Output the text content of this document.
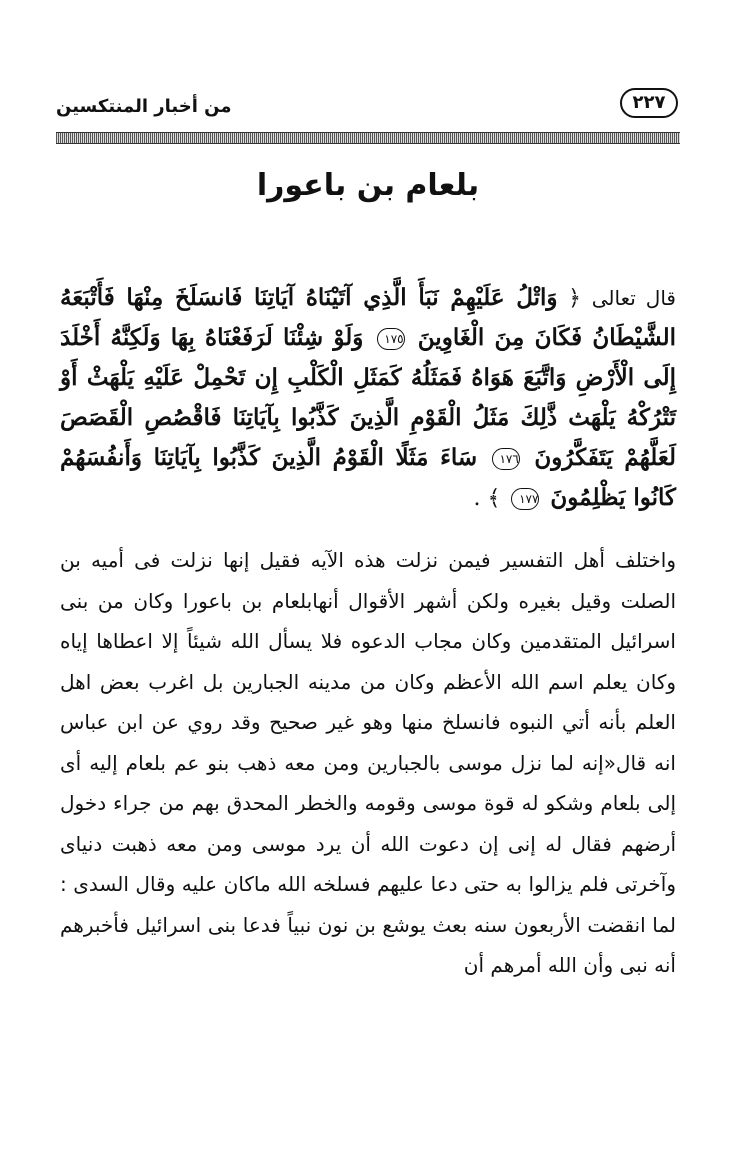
من أخبار المنتكسين	٢٢٧
بلعام بن باعورا
قال تعالى ﴿ وَاتْلُ عَلَيْهِمْ نَبَأَ الَّذِي آتَيْنَاهُ آيَاتِنَا فَانسَلَخَ مِنْهَا فَأَتْبَعَهُ الشَّيْطَانُ فَكَانَ مِنَ الْغَاوِينَ ١٧٥ وَلَوْ شِئْنَا لَرَفَعْنَاهُ بِهَا وَلَكِنَّهُ أَخْلَدَ إِلَى الْأَرْضِ وَاتَّبَعَ هَوَاهُ فَمَثَلُهُ كَمَثَلِ الْكَلْبِ إِن تَحْمِلْ عَلَيْهِ يَلْهَثْ أَوْ تَتْرُكْهُ يَلْهَث ذَّلِكَ مَثَلُ الْقَوْمِ الَّذِينَ كَذَّبُوا بِآيَاتِنَا فَاقْصُصِ الْقَصَصَ لَعَلَّهُمْ يَتَفَكَّرُونَ ١٧٦ سَاءَ مَثَلًا الْقَوْمُ الَّذِينَ كَذَّبُوا بِآيَاتِنَا وَأَنفُسَهُمْ كَانُوا يَظْلِمُونَ ١٧٧ ﴾ .
واختلف أهل التفسير فيمن نزلت هذه الآيه فقيل إنها نزلت فى أميه بن الصلت وقيل بغيره ولكن أشهر الأقوال أنهابلعام بن باعورا وكان من بنى اسرائيل المتقدمين وكان مجاب الدعوه فلا يسأل الله شيئاً إلا اعطاها إياه وكان يعلم اسم الله الأعظم وكان من مدينه الجبارين بل اغرب بعض اهل العلم بأنه أتي النبوه فانسلخ منها وهو غير صحيح وقد روي عن ابن عباس انه قال«إنه لما نزل موسى بالجبارين ومن معه ذهب بنو عم بلعام إليه أى إلى بلعام وشكو له قوة موسى وقومه والخطر المحدق بهم من جراء دخول أرضهم فقال له إنى إن دعوت الله أن يرد موسى ومن معه ذهبت دنياى وآخرتى فلم يزالوا به حتى دعا عليهم فسلخه الله ماكان عليه وقال السدى : لما انقضت الأربعون سنه بعث يوشع بن نون نبياً فدعا بنى اسرائيل فأخبرهم أنه نبى وأن الله أمرهم أن
